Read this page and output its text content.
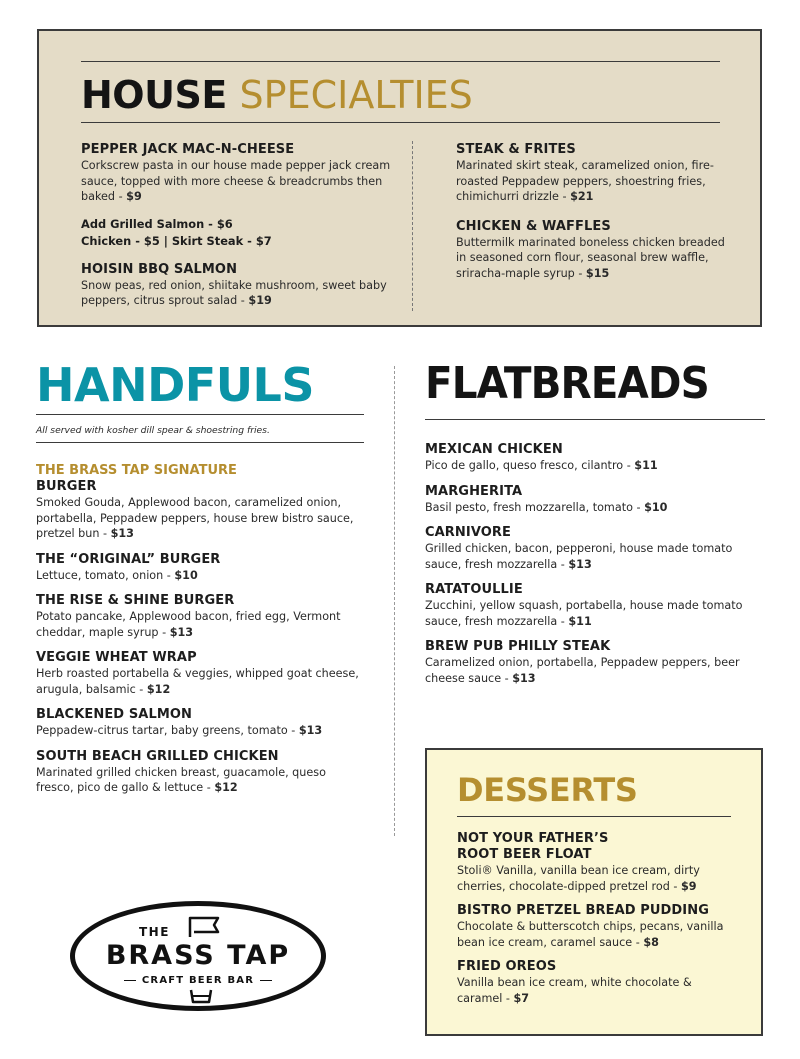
HOUSE SPECIALTIES
PEPPER JACK MAC-N-CHEESE
Corkscrew pasta in our house made pepper jack cream sauce, topped with more cheese & breadcrumbs then baked - $9
Add Grilled Salmon - $6
Chicken - $5 | Skirt Steak - $7
HOISIN BBQ SALMON
Snow peas, red onion, shiitake mushroom, sweet baby peppers, citrus sprout salad - $19
STEAK & FRITES
Marinated skirt steak, caramelized onion, fire-roasted Peppadew peppers, shoestring fries, chimichurri drizzle - $21
CHICKEN & WAFFLES
Buttermilk marinated boneless chicken breaded in seasoned corn flour, seasonal brew waffle, sriracha-maple syrup - $15
HANDFULS
All served with kosher dill spear & shoestring fries.
THE BRASS TAP SIGNATURE
BURGER
Smoked Gouda, Applewood bacon, caramelized onion, portabella, Peppadew peppers, house brew bistro sauce, pretzel bun - $13
THE “ORIGINAL” BURGER
Lettuce, tomato, onion - $10
THE RISE & SHINE BURGER
Potato pancake, Applewood bacon, fried egg, Vermont cheddar, maple syrup - $13
VEGGIE WHEAT WRAP
Herb roasted portabella & veggies, whipped goat cheese, arugula, balsamic - $12
BLACKENED SALMON
Peppadew-citrus tartar, baby greens, tomato - $13
SOUTH BEACH GRILLED CHICKEN
Marinated grilled chicken breast, guacamole, queso fresco, pico de gallo & lettuce - $12
FLATBREADS
MEXICAN CHICKEN
Pico de gallo, queso fresco, cilantro - $11
MARGHERITA
Basil pesto, fresh mozzarella, tomato - $10
CARNIVORE
Grilled chicken, bacon, pepperoni, house made tomato sauce, fresh mozzarella - $13
RATATOULLIE
Zucchini, yellow squash, portabella, house made tomato sauce, fresh mozzarella - $11
BREW PUB PHILLY STEAK
Caramelized onion, portabella, Peppadew peppers, beer cheese sauce - $13
DESSERTS
NOT YOUR FATHER’S
ROOT BEER FLOAT
Stoli® Vanilla, vanilla bean ice cream, dirty cherries, chocolate-dipped pretzel rod - $9
BISTRO PRETZEL BREAD PUDDING
Chocolate & butterscotch chips, pecans, vanilla bean ice cream, caramel sauce - $8
FRIED OREOS
Vanilla bean ice cream, white chocolate & caramel - $7
THE
BRASS TAP
CRAFT BEER BAR
